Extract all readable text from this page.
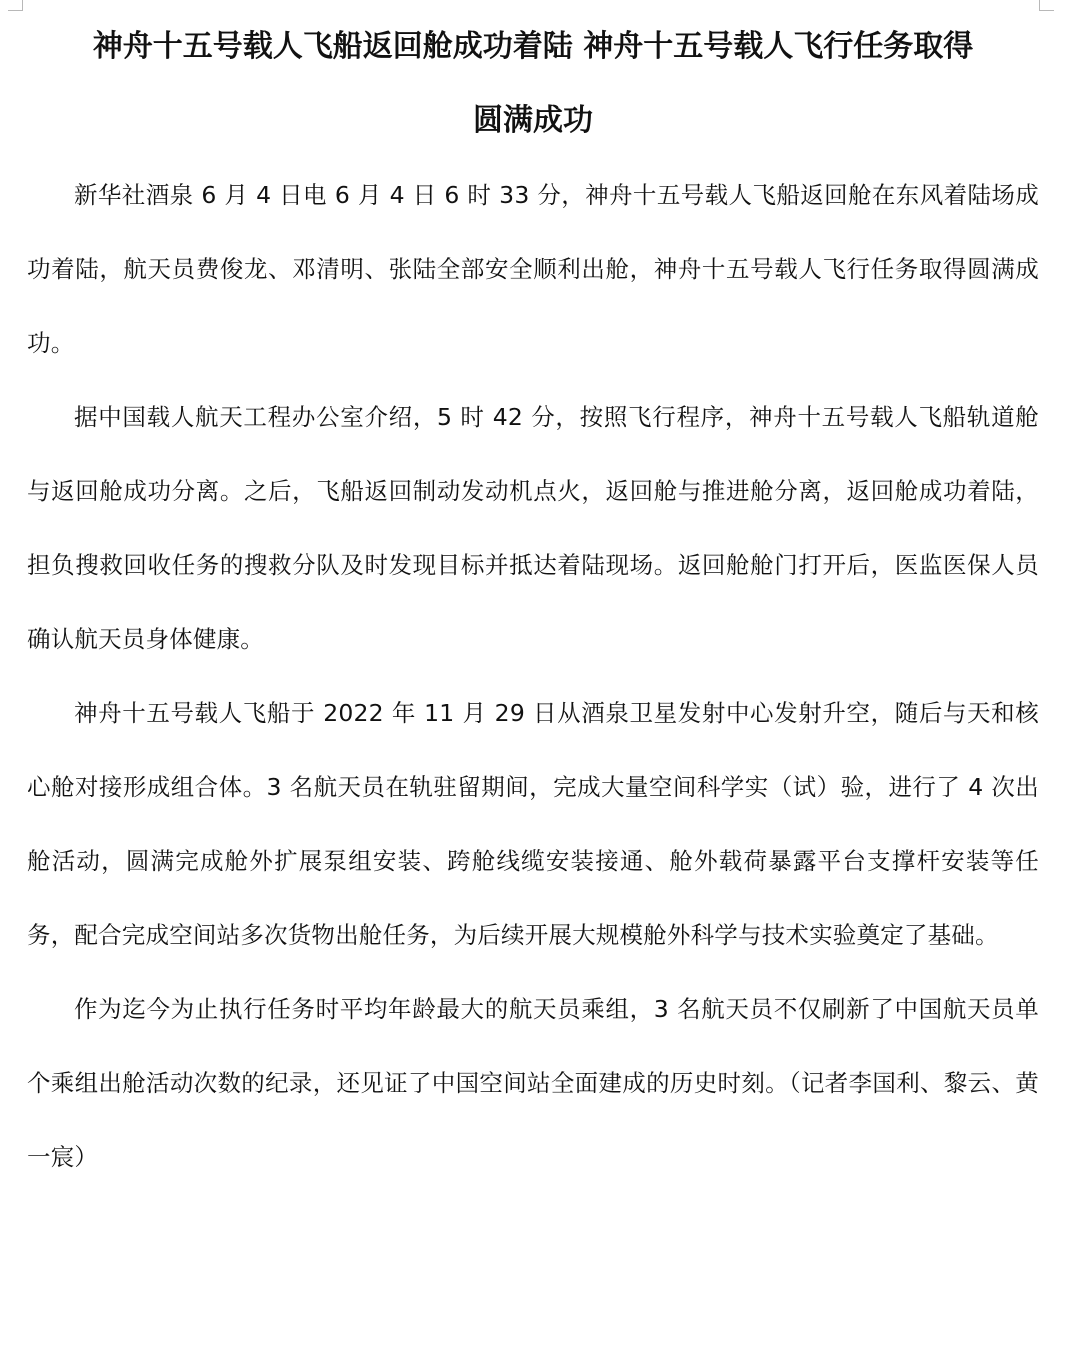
神舟十五号载人飞船返回舱成功着陆 神舟十五号载人飞行任务取得
圆满成功

新华社酒泉 6 月 4 日电 6 月 4 日 6 时 33 分，神舟十五号载人飞船返回舱在东风着陆场成功着陆，航天员费俊龙、邓清明、张陆全部安全顺利出舱，神舟十五号载人飞行任务取得圆满成功。

据中国载人航天工程办公室介绍，5 时 42 分，按照飞行程序，神舟十五号载人飞船轨道舱与返回舱成功分离。之后，飞船返回制动发动机点火，返回舱与推进舱分离，返回舱成功着陆，担负搜救回收任务的搜救分队及时发现目标并抵达着陆现场。返回舱舱门打开后，医监医保人员确认航天员身体健康。

神舟十五号载人飞船于 2022 年 11 月 29 日从酒泉卫星发射中心发射升空，随后与天和核心舱对接形成组合体。3 名航天员在轨驻留期间，完成大量空间科学实（试）验，进行了 4 次出舱活动，圆满完成舱外扩展泵组安装、跨舱线缆安装接通、舱外载荷暴露平台支撑杆安装等任务，配合完成空间站多次货物出舱任务，为后续开展大规模舱外科学与技术实验奠定了基础。

作为迄今为止执行任务时平均年龄最大的航天员乘组，3 名航天员不仅刷新了中国航天员单个乘组出舱活动次数的纪录，还见证了中国空间站全面建成的历史时刻。（记者李国利、黎云、黄一宸）
